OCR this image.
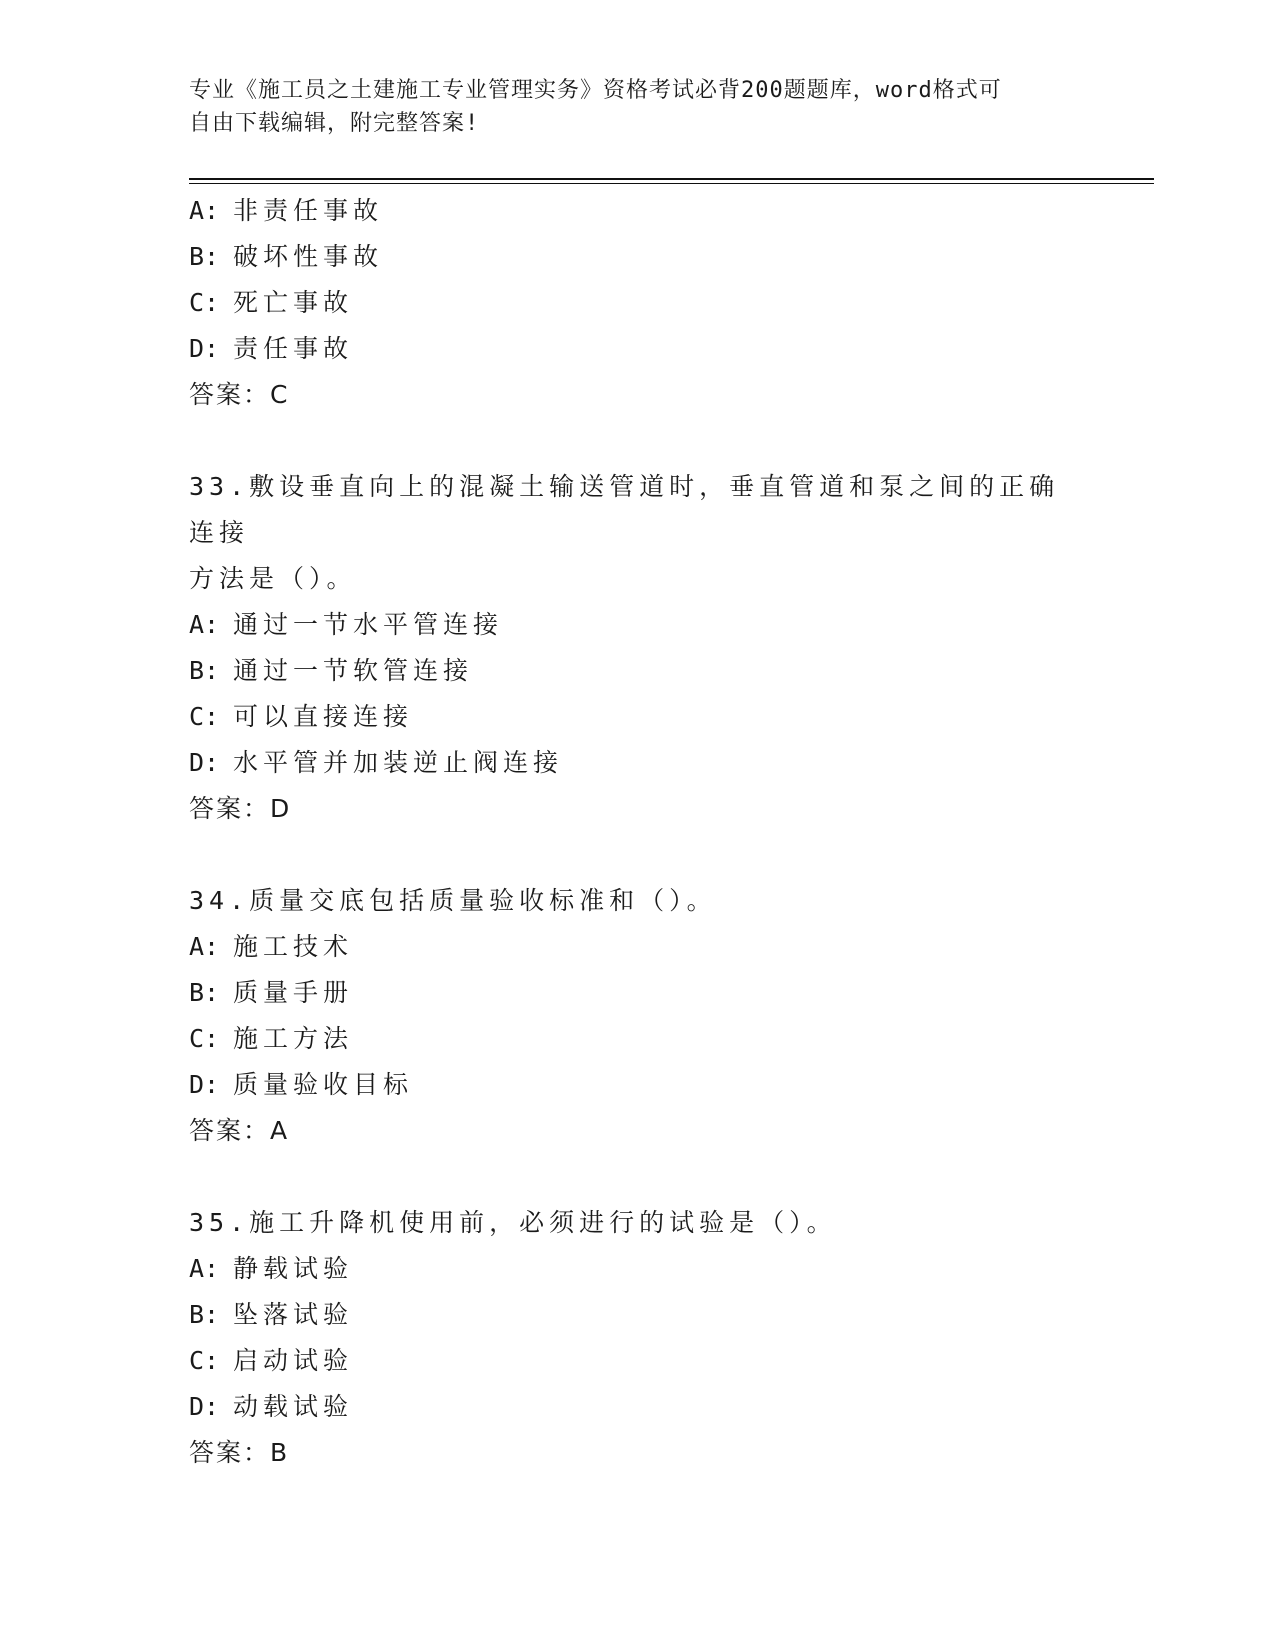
专业《施工员之土建施工专业管理实务》资格考试必背200题题库，word格式可
自由下载编辑，附完整答案!
A: 非责任事故
B: 破坏性事故
C: 死亡事故
D: 责任事故
答案：C
33.敷设垂直向上的混凝土输送管道时，垂直管道和泵之间的正确连接
方法是（）。
A: 通过一节水平管连接
B: 通过一节软管连接
C: 可以直接连接
D: 水平管并加装逆止阀连接
答案：D
34.质量交底包括质量验收标准和（）。
A: 施工技术
B: 质量手册
C: 施工方法
D: 质量验收目标
答案：A
35.施工升降机使用前，必须进行的试验是（）。
A: 静载试验
B: 坠落试验
C: 启动试验
D: 动载试验
答案：B
